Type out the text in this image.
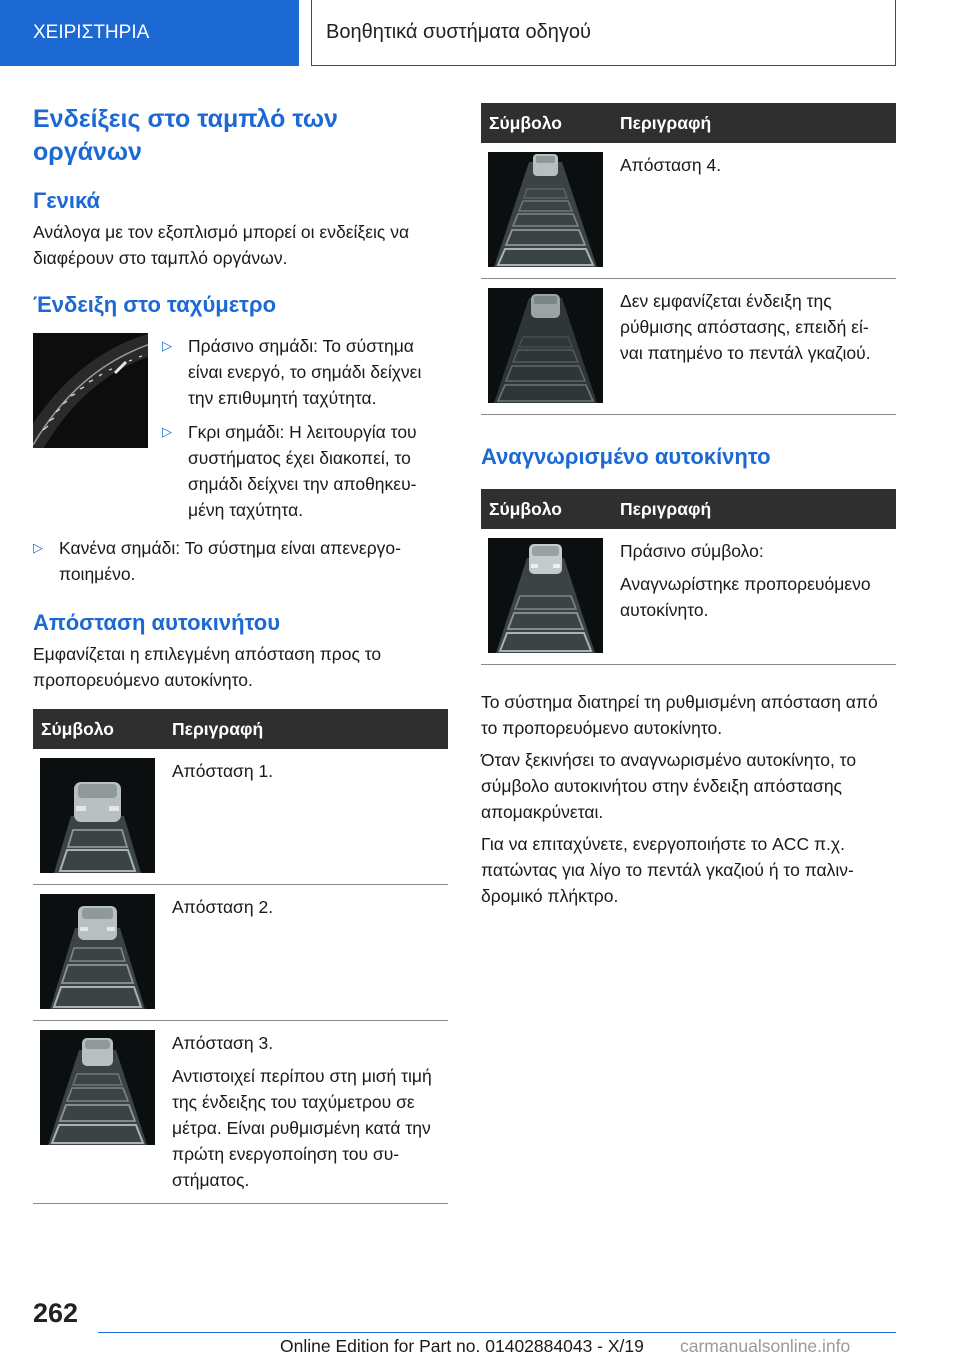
ΧΕΙΡΙΣΤΗΡΙΑ	Βοηθητικά συστήματα οδηγού
Ενδείξεις στο ταμπλό των
οργάνων
Γενικά

Ανάλογα με τον εξοπλισμό μπορεί οι ενδείξεις να διαφέρουν στο ταμπλό οργάνων.

Ένδειξη στο ταχύμετρο
▷ Πράσινο σημάδι: Το σύστημα είναι ενεργό, το σημάδι δείχνει την επιθυμητή ταχύτητα.
▷ Γκρι σημάδι: Η λειτουργία του συστήματος έχει διακοπεί, το σημάδι δείχνει την αποθηκευ‐ μένη ταχύτητα.
▷ Κανένα σημάδι: Το σύστημα είναι απενεργο‐ ποιημένο.
Απόσταση αυτοκινήτου

Εμφανίζεται η επιλεγμένη απόσταση προς το προπορευόμενο αυτοκίνητο.

Σύμβολο	Περιγραφή

Απόσταση 1.

Απόσταση 2.

Απόσταση 3.

Αντιστοιχεί περίπου στη μισή τιμή της ένδειξης του ταχύμετρου σε μέτρα. Είναι ρυθμισμένη κατά την πρώτη ενεργοποίηση του συ‐ στήματος.

Σύμβολο	Περιγραφή

Απόσταση 4.

Δεν εμφανίζεται ένδειξη της ρύθμισης απόστασης, επειδή εί‐ ναι πατημένο το πεντάλ γκαζιού.

Αναγνωρισμένο αυτοκίνητο
Σύμβολο	Περιγραφή

Πράσινο σύμβολο:

Αναγνωρίστηκε προπορευόμενο αυτοκίνητο.

Το σύστημα διατηρεί τη ρυθμισμένη απόσταση από το προπορευόμενο αυτοκίνητο.

Όταν ξεκινήσει το αναγνωρισμένο αυτοκίνητο, το σύμβολο αυτοκινήτου στην ένδειξη απόστασης απομακρύνεται.

Για να επιταχύνετε, ενεργοποιήστε το ACC π.χ. πατώντας για λίγο το πεντάλ γκαζιού ή το παλιν‐ δρομικό πλήκτρο.

262
Online Edition for Part no. 01402884043 - X/19 carmanualsonline.info
